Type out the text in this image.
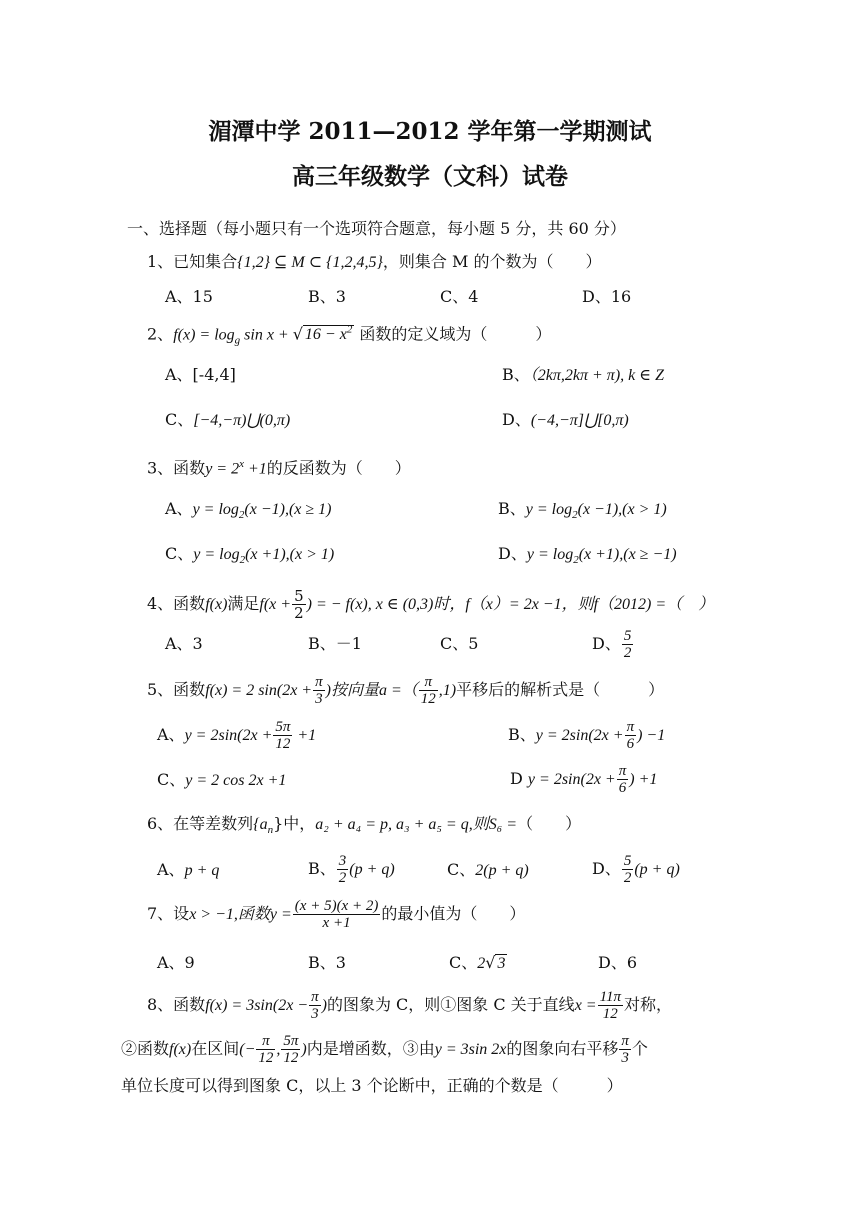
湄潭中学 2011—2012 学年第一学期测试
高三年级数学（文科）试卷
一、选择题（每小题只有一个选项符合题意，每小题 5 分，共 60 分）
1、已知集合{1,2} ⊆ M ⊂ {1,2,4,5}，则集合 M 的个数为（　　）
A、15	B、3	C、4	D、16
2、$f(x) = \log_g \sin x$ + √ $16 - x^2$ 函数的定义域为（　　　）
A、[-4,4]	B、（2kπ,2kπ + π), k ∈ Z
C、[−4,−π)⋃(0,π)	D、(−4,−π]⋃[0,π)
3、函数$y = 2^x +1$的反函数为（　　）
A、$y = \log_2(x -1),(x \ge 1)$	B、$y = \log_2(x -1),(x > 1)$
C、$y = \log_2(x +1),(x > 1)$	D、$y = \log_2(x +1),(x \ge -1)$
4、函数f(x)满足$f(x + \frac{5}{2}$ ) = − f(x), x ∈ (0,3)时，f（x）= 2x −1，则f（2012) =（　）
A、3	B、－1	C、5	D、 $\frac{5}{2}$
5、函数f(x) = 2 $\sin(2x + \frac{\pi}{3}$ )按向量a =（ $\frac{\pi}{12} ,1$)平移后的解析式是（　　　）
A、$y = 2\sin(2x + \frac{5\pi}{12} +1$	B、$y = 2\sin(2x + \frac{\pi}{6}$ ) −1
C、y = 2 cos 2x +1	D $y = 2\sin(2x + \frac{\pi}{6}$ ) +1
6、在等差数列$\{a_n\}$中，a₂ + a₄ = p, a₃ + a₅ = q,则S₆ =（　　）
A、p + q	B、 $\frac{3}{2} (p + q)$	C、2(p + q)	D、 $\frac{5}{2} (p + q)$
7、设x > −1,函数$y = \frac{(x + 5)(x + 2)}{x +1}$ 的最小值为（　　）
A、9	B、3	C、2√ 3	D、6
8、函数$f(x) = 3\sin(2x - \frac{\pi}{3}$ )的图象为 C，则①图象 C 关于直线$x = \frac{11\pi}{12}$ 对称，
②函数f(x)在区间(− $\frac{\pi}{12}$ , $\frac{5\pi}{12}$ )内是增函数，③由y = 3sin 2x的图象向右平移 $\frac{\pi}{3}$ 个
单位长度可以得到图象 C，以上 3 个论断中，正确的个数是（　　　）
